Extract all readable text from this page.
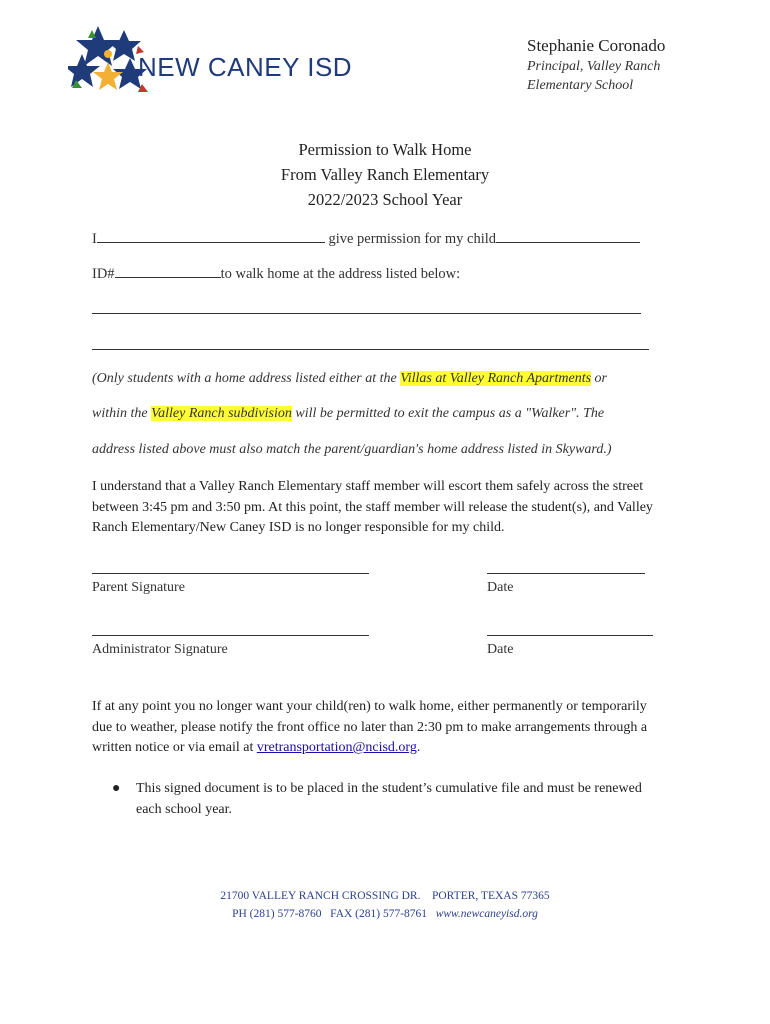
NEW CANEY ISD
Stephanie Coronado
Principal, Valley Ranch
Elementary School
Permission to Walk Home
From Valley Ranch Elementary
2022/2023 School Year
I	give permission for my child
ID#	to walk home at the address listed below:
(Only students with a home address listed either at the Villas at Valley Ranch Apartments or
within the Valley Ranch subdivision will be permitted to exit the campus as a "Walker". The
address listed above must also match the parent/guardian's home address listed in Skyward.)
I understand that a Valley Ranch Elementary staff member will escort them safely across the street between 3:45 pm and 3:50 pm. At this point, the staff member will release the student(s), and Valley Ranch Elementary/New Caney ISD is no longer responsible for my child.
Parent Signature	Date
Administrator Signature	Date
If at any point you no longer want your child(ren) to walk home, either permanently or temporarily due to weather, please notify the front office no later than 2:30 pm to make arrangements through a written notice or via email at vretransportation@ncisd.org.
● This signed document is to be placed in the student’s cumulative file and must be renewed each school year.
21700 VALLEY RANCH CROSSING DR. PORTER, TEXAS 77365
PH (281) 577-8760 FAX (281) 577-8761 www.newcaneyisd.org
